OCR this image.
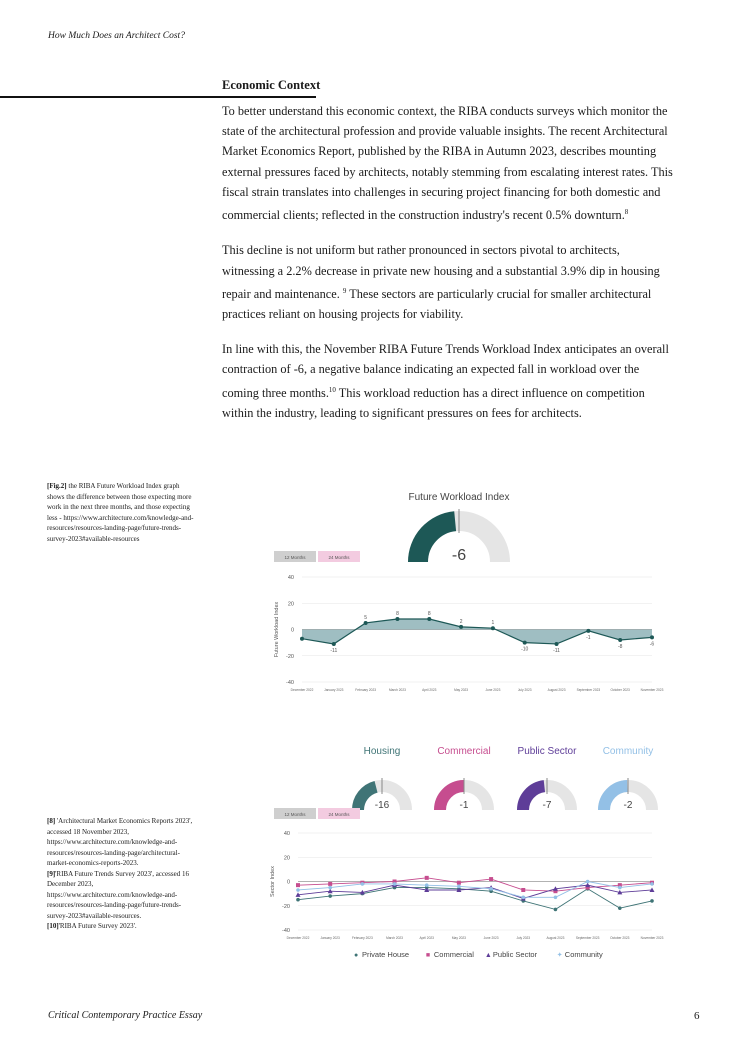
How Much Does an Architect Cost?
Economic Context

To better understand this economic context, the RIBA conducts surveys which monitor the state of the architectural profession and provide valuable insights. The recent Architectural Market Economics Report, published by the RIBA in Autumn 2023, describes mounting external pressures faced by architects, notably stemming from escalating interest rates. This fiscal strain translates into challenges in securing project financing for both domestic and commercial clients; reflected in the construction industry's recent 0.5% downturn.$^8$

This decline is not uniform but rather pronounced in sectors pivotal to architects, witnessing a 2.2% decrease in private new housing and a substantial 3.9% dip in housing repair and maintenance. $^9$ These sectors are particularly crucial for smaller architectural practices reliant on housing projects for viability.

In line with this, the November RIBA Future Trends Workload Index anticipates an overall contraction of -6, a negative balance indicating an expected fall in workload over the coming three months.$^{10}$ This workload reduction has a direct influence on competition within the industry, leading to significant pressures on fees for architects.

[Fig.2] the RIBA Future Workload Index graph shows the difference between those expecting more work in the next three months, and those expecting less - https://www.architecture.com/knowledge-and-resources/resources-landing-page/future-trends-survey-2023#available-resources
[8] 'Architectural Market Economics Reports 2023', accessed 18 November 2023, https://www.architecture.com/knowledge-and-resources/resources-landing-page/architectural-market-economics-reports-2023.
[9]'RIBA Future Trends Survey 2023', accessed 16 December 2023, https://www.architecture.com/knowledge-and-resources/resources-landing-page/future-trends-survey-2023#available-resources.
[10]'RIBA Future Survey 2023'.
Future Workload Index
-6
12 Months	24 Months
40
20
0
-20
-40
Future Workload Index
December 2022	January 2023	February 2023	March 2023	April 2023	May 2023	June 2023	July 2023	August 2023	September 2023	October 2023	November 2023
-11
5
8	8
2	1
-10	-11
-1
-8	-6
Housing
-16
Commercial
-1
Public Sector
-7
Community
-2
12 Months	24 Months
40
20
0
-20
-40
Sector Index
December 2022	January 2023	February 2023	March 2023	April 2023	May 2023	June 2023	July 2023	August 2023	September 2023	October 2023	November 2023
● Private House ■ Commercial ▲ Public Sector	✦ Community
Critical Contemporary Practice Essay	6
